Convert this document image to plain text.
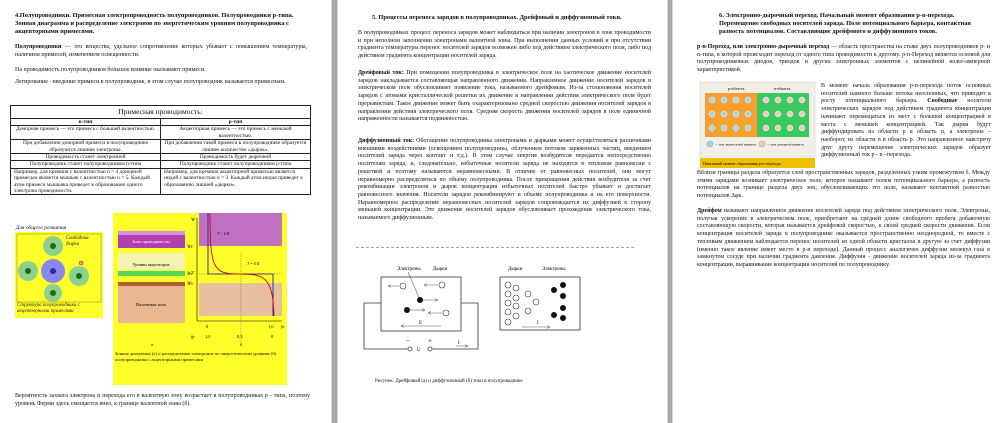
4.Полупроводники. Примесная электропроводность полупроводников. Полупроводники p-типа. Зонная диаграмма и распределение электронов по энергетическим уровням полупроводника с акцепторными примесями.
Полупроводники — это вещества, удельное сопротивление которых убывает с повышением температуры, наличием примесей, изменением освещенности.
На проводимость полупроводников большое влияние оказывают примеси.
Легирование - введение примеси в полупроводник, в этом случае полупроводник называется примесным.
Примесная проводимость:	
n-тип	p-тип
Донорная примесь — это примесь с большей валентностью.	Акцепторная примесь — это примесь с меньшей валентностью.
При добавлении донорной примеси в полупроводнике образуются лишние электроны.	При добавлении такой примеси в полупроводнике образуется лишнее количество «дырок».
Проводимость станет электронной	Проводимость будет дырочной
Полупроводник станет полупроводником n-типа	Полупроводник станет полупроводником p-типа
Например, для кремния с валентностью n = 4 донорной примесью является мышьяк с валентностью n = 5. Каждый атом примеси мышьяка приведет к образованию одного электрона проводимости.	Например, для кремния акцепторной примесью является индий с валентностью n = 3. Каждый атом индия приведет к образованию лишней «дырки».
Для общего развития
Свободная дырка
Структура полупроводника с акцепторными примесями
Зона проводимости
Уровни акцепторов
Валентная зона
W
Wc
WF
Wv
T > 0 K
T = 0 K
0	1,0 fn
fp 1,0	0,5	0
а	б
Зонная диаграмма (а) и распределение электронов по энергетическим уровням (б) полупроводника с акцепторными примесями
Вероятность захвата электрона и перехода его в валентную зону возрастает в полупроводниках p - типа, поэтому уровень Ферми здесь смещается вниз, к границе валентной зоны (б).
5. Процессы переноса зарядов в полупроводниках. Дрейфовый и диффузионный токи.
В полупроводниках процесс переноса зарядов может наблюдаться при наличии электронов в зоне проводимости и при неполном заполнении электронами валентной зоны. При выполнении данных условий и при отсутствии градиента температуры перенос носителей зарядов возможен либо под действием электрического поля, либо под действием градиента концентрации носителей заряда.
Дрейфовый ток: При помещении полупроводника в электрическое поле на хаотическое движение носителей зарядов накладывается составляющая направленного движения. Направленное движение носителей зарядов в электрическом поле обусловливает появление тока, называемого дрейфовым. Из-за столкновения носителей зарядов с атомами кристаллической решетки их движение в направлении действия электрического поля будет прерывистым. Такое движение может быть охарактеризовано средней скоростью движения носителей зарядов в направлении действия электрического поля. Средняя скорость движения носителей зарядов в поле единичной напряженности называется подвижностью.
Диффузионный ток: Обогащение полупроводника электронами и дырками может осуществляться различными внешними воздействиями (освещением полупроводника, облучением потоком заряженных частиц, введением носителей заряда через контакт и т.д.). В этом случае энергия возбудителя передается непосредственно носителям заряда, и, следовательно, избыточные носители заряда не находятся в тепловом равновесии с решеткой и поэтому называются неравновесными. В отличие от равновесных носителей, они могут неравномерно распределяться по объему полупроводника. После прекращения действия возбудителя за счет рекомбинации электронов и дырок концентрация избыточных носителей быстро убывает и достигает равновесного значения. Носители зарядов рекомбинируют в объеме полупроводника и на его поверхности. Неравномерное распределение неравновесных носителей зарядов сопровождается их диффузией в сторону меньшей концентрации. Это движение носителей зарядов обусловливает прохождение электрического тока, называемого диффузионным.
Электроны Дырки
E
−	+
U
I
Дырки	Электроны
I
Рисунок. Дрейфовый (а) и диффузионный (б) токи в полупроводнике
6. Электронно-дырочный переход. Начальный момент образования p-n-перехода. Перемещение свободных носителей заряда. Поле потенциального барьера, контактная разность потенциалов. Составляющие дрейфового и диффузионного токов.
p-n-Переход, или электронно-дырочный переход — область пространства на стыке двух полупроводников p- и n-типа, в которой происходит переход от одного типа проводимости к другому. p-n-Переход является основой для полупроводниковых диодов, триодов и других электронных элементов с нелинейной вольт-амперной характеристикой.
p-область	n-область
— ион акцепторной примеси	— ион донорной примеси
Начальный момент образования p-n-перехода
В момент начала образования p-n-перехода поток основных носителей намного больше потока неосновных, что приводит к росту потенциального барьера. Свободные носители электрических зарядов под действием градиента концентрации начинают перемещаться из мест с большой концентрацией в места с меньшей концентрацией. Так дырки будут диффундировать из области p в область n, а электроны – наоборот, из области n в область p. Это направленное навстречу друг другу перемещение электрических зарядов образует диффузионный ток p - n –перехода.
Вблизи границы раздела образуется слой пространственных зарядов, разделенных узким промежутком δ. Между этими зарядами возникает электрическое поле, которое называют полем потенциального барьера, а разность потенциалов на границе раздела двух зон, обусловливающих это поле, называют контактной разностью потенциалов Δφк.
Дрейфом называют направленное движение носителей заряда под действием электрического поля. Электроны, получая ускорение в электрическом поле, приобретают на средней длине свободного пробега добавочную составляющую скорости, которая называется дрейфовой скоростью, к своей средней скорости движения. Если концентрация носителей заряда в полупроводнике оказывается пространственно неоднородной, то вместе с тепловым движением наблюдается перенос носителей из одной области кристалла в другую за счет диффузии (именно такое явление имеет место в p-n переходе). Данный процесс аналогичен диффузии молекул газа в замкнутом сосуде при наличии градиента давления. Диффузия - движение носителей заряда из-за градиента концентрации, выравнивание концентрации носителей по полупроводнику.
